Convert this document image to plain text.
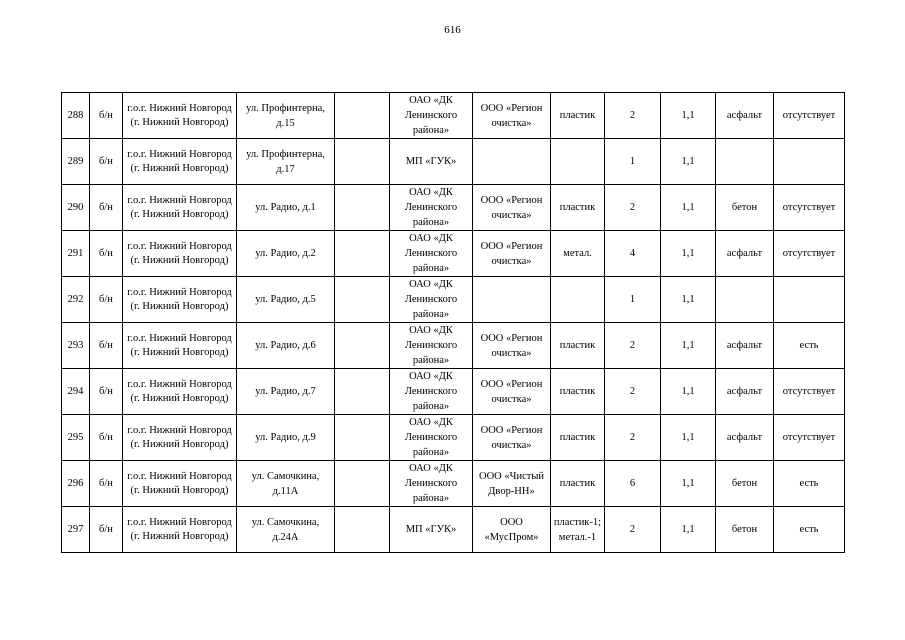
616
288	б/н	г.о.г. Нижний Новгород (г. Нижний Новгород)	ул. Профинтерна, д.15		ОАО «ДК Ленинского района»	ООО «Регион очистка»	пластик	2	1,1	асфальт	отсутствует
289	б/н	г.о.г. Нижний Новгород (г. Нижний Новгород)	ул. Профинтерна, д.17		МП «ГУК»			1	1,1		
290	б/н	г.о.г. Нижний Новгород (г. Нижний Новгород)	ул. Радио, д.1		ОАО «ДК Ленинского района»	ООО «Регион очистка»	пластик	2	1,1	бетон	отсутствует
291	б/н	г.о.г. Нижний Новгород (г. Нижний Новгород)	ул. Радио, д.2		ОАО «ДК Ленинского района»	ООО «Регион очистка»	метал.	4	1,1	асфальт	отсутствует
292	б/н	г.о.г. Нижний Новгород (г. Нижний Новгород)	ул. Радио, д.5		ОАО «ДК Ленинского района»			1	1,1		
293	б/н	г.о.г. Нижний Новгород (г. Нижний Новгород)	ул. Радио, д.6		ОАО «ДК Ленинского района»	ООО «Регион очистка»	пластик	2	1,1	асфальт	есть
294	б/н	г.о.г. Нижний Новгород (г. Нижний Новгород)	ул. Радио, д.7		ОАО «ДК Ленинского района»	ООО «Регион очистка»	пластик	2	1,1	асфальт	отсутствует
295	б/н	г.о.г. Нижний Новгород (г. Нижний Новгород)	ул. Радио, д.9		ОАО «ДК Ленинского района»	ООО «Регион очистка»	пластик	2	1,1	асфальт	отсутствует
296	б/н	г.о.г. Нижний Новгород (г. Нижний Новгород)	ул. Самочкина, д.11А		ОАО «ДК Ленинского района»	ООО «Чистый Двор-НН»	пластик	6	1,1	бетон	есть
297	б/н	г.о.г. Нижний Новгород (г. Нижний Новгород)	ул. Самочкина, д.24А		МП «ГУК»	ООО «МусПром»	пластик-1; метал.-1	2	1,1	бетон	есть
